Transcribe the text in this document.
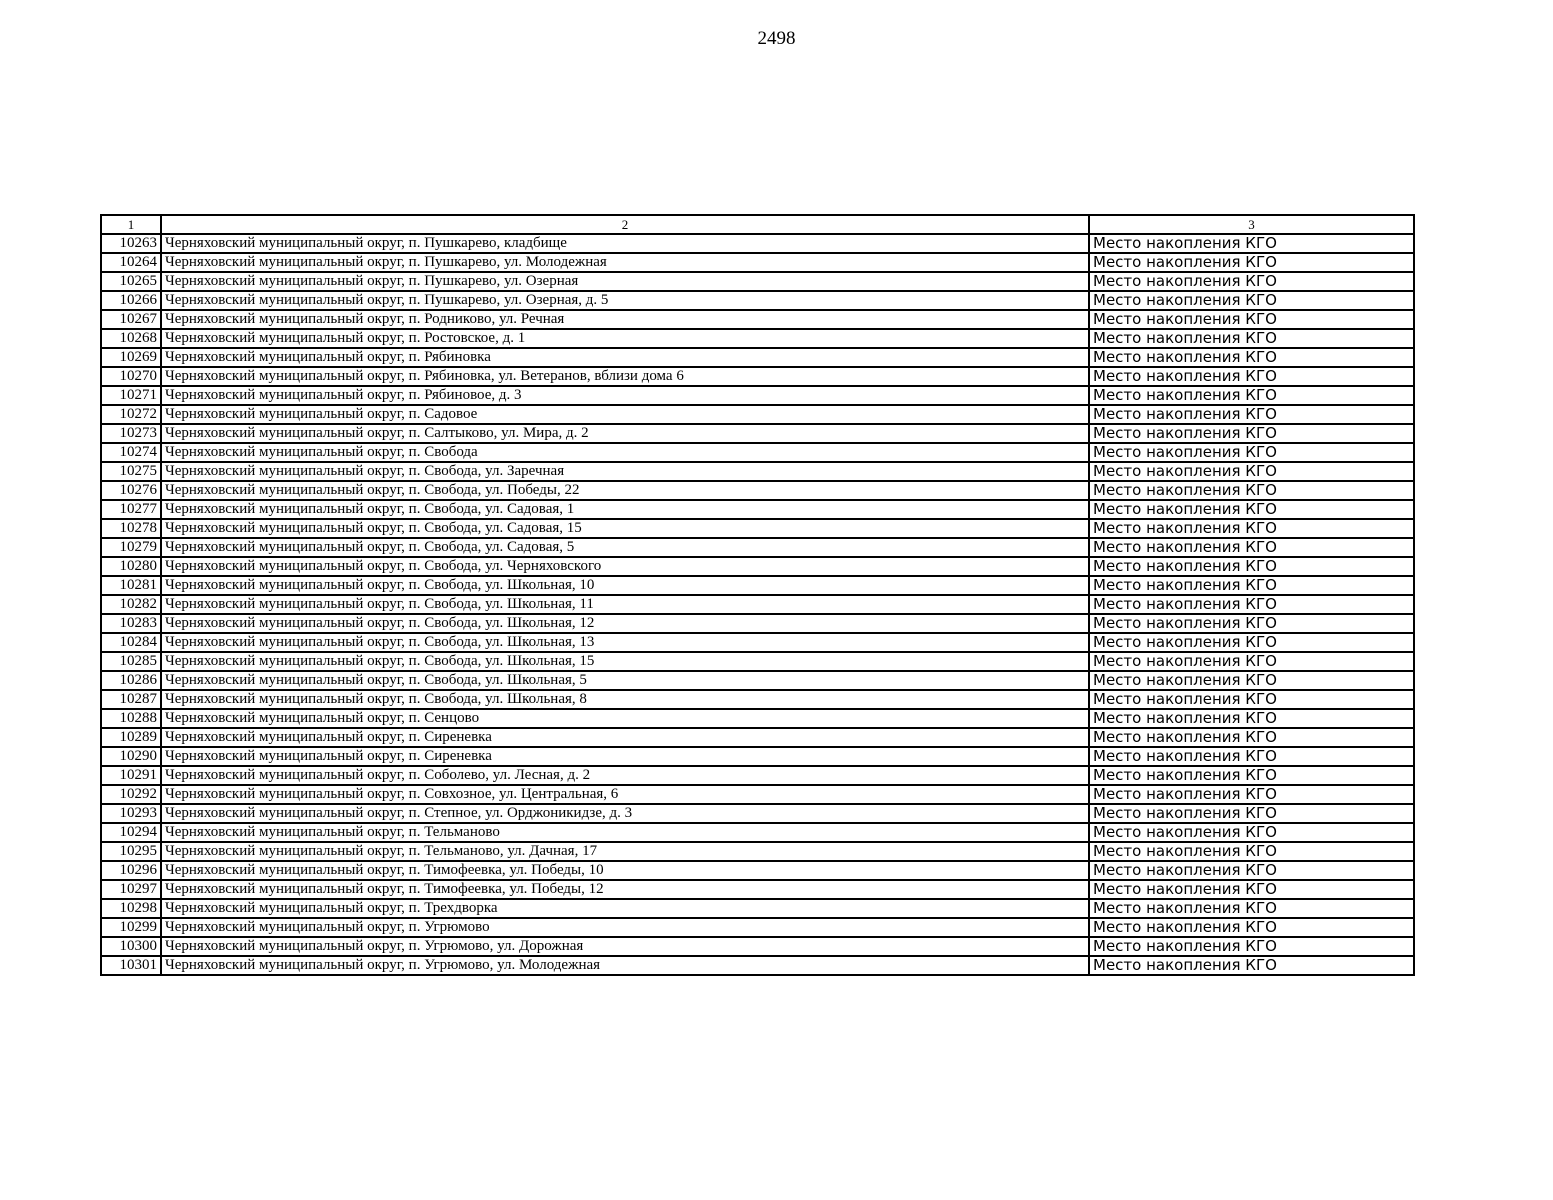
2498
1	2	3
10263	Черняховский муниципальный округ, п. Пушкарево, кладбище	Место накопления КГО
10264	Черняховский муниципальный округ, п. Пушкарево, ул. Молодежная	Место накопления КГО
10265	Черняховский муниципальный округ, п. Пушкарево, ул. Озерная	Место накопления КГО
10266	Черняховский муниципальный округ, п. Пушкарево, ул. Озерная, д. 5	Место накопления КГО
10267	Черняховский муниципальный округ, п. Родниково, ул. Речная	Место накопления КГО
10268	Черняховский муниципальный округ, п. Ростовское, д. 1	Место накопления КГО
10269	Черняховский муниципальный округ, п. Рябиновка	Место накопления КГО
10270	Черняховский муниципальный округ, п. Рябиновка, ул. Ветеранов, вблизи дома 6	Место накопления КГО
10271	Черняховский муниципальный округ, п. Рябиновое, д. 3	Место накопления КГО
10272	Черняховский муниципальный округ, п. Садовое	Место накопления КГО
10273	Черняховский муниципальный округ, п. Салтыково, ул. Мира, д. 2	Место накопления КГО
10274	Черняховский муниципальный округ, п. Свобода	Место накопления КГО
10275	Черняховский муниципальный округ, п. Свобода, ул. Заречная	Место накопления КГО
10276	Черняховский муниципальный округ, п. Свобода, ул. Победы, 22	Место накопления КГО
10277	Черняховский муниципальный округ, п. Свобода, ул. Садовая, 1	Место накопления КГО
10278	Черняховский муниципальный округ, п. Свобода, ул. Садовая, 15	Место накопления КГО
10279	Черняховский муниципальный округ, п. Свобода, ул. Садовая, 5	Место накопления КГО
10280	Черняховский муниципальный округ, п. Свобода, ул. Черняховского	Место накопления КГО
10281	Черняховский муниципальный округ, п. Свобода, ул. Школьная, 10	Место накопления КГО
10282	Черняховский муниципальный округ, п. Свобода, ул. Школьная, 11	Место накопления КГО
10283	Черняховский муниципальный округ, п. Свобода, ул. Школьная, 12	Место накопления КГО
10284	Черняховский муниципальный округ, п. Свобода, ул. Школьная, 13	Место накопления КГО
10285	Черняховский муниципальный округ, п. Свобода, ул. Школьная, 15	Место накопления КГО
10286	Черняховский муниципальный округ, п. Свобода, ул. Школьная, 5	Место накопления КГО
10287	Черняховский муниципальный округ, п. Свобода, ул. Школьная, 8	Место накопления КГО
10288	Черняховский муниципальный округ, п. Сенцово	Место накопления КГО
10289	Черняховский муниципальный округ, п. Сиреневка	Место накопления КГО
10290	Черняховский муниципальный округ, п. Сиреневка	Место накопления КГО
10291	Черняховский муниципальный округ, п. Соболево, ул. Лесная, д. 2	Место накопления КГО
10292	Черняховский муниципальный округ, п. Совхозное, ул. Центральная, 6	Место накопления КГО
10293	Черняховский муниципальный округ, п. Степное, ул. Орджоникидзе, д. 3	Место накопления КГО
10294	Черняховский муниципальный округ, п. Тельманово	Место накопления КГО
10295	Черняховский муниципальный округ, п. Тельманово, ул. Дачная, 17	Место накопления КГО
10296	Черняховский муниципальный округ, п. Тимофеевка, ул. Победы, 10	Место накопления КГО
10297	Черняховский муниципальный округ, п. Тимофеевка, ул. Победы, 12	Место накопления КГО
10298	Черняховский муниципальный округ, п. Трехдворка	Место накопления КГО
10299	Черняховский муниципальный округ, п. Угрюмово	Место накопления КГО
10300	Черняховский муниципальный округ, п. Угрюмово, ул. Дорожная	Место накопления КГО
10301	Черняховский муниципальный округ, п. Угрюмово, ул. Молодежная	Место накопления КГО
